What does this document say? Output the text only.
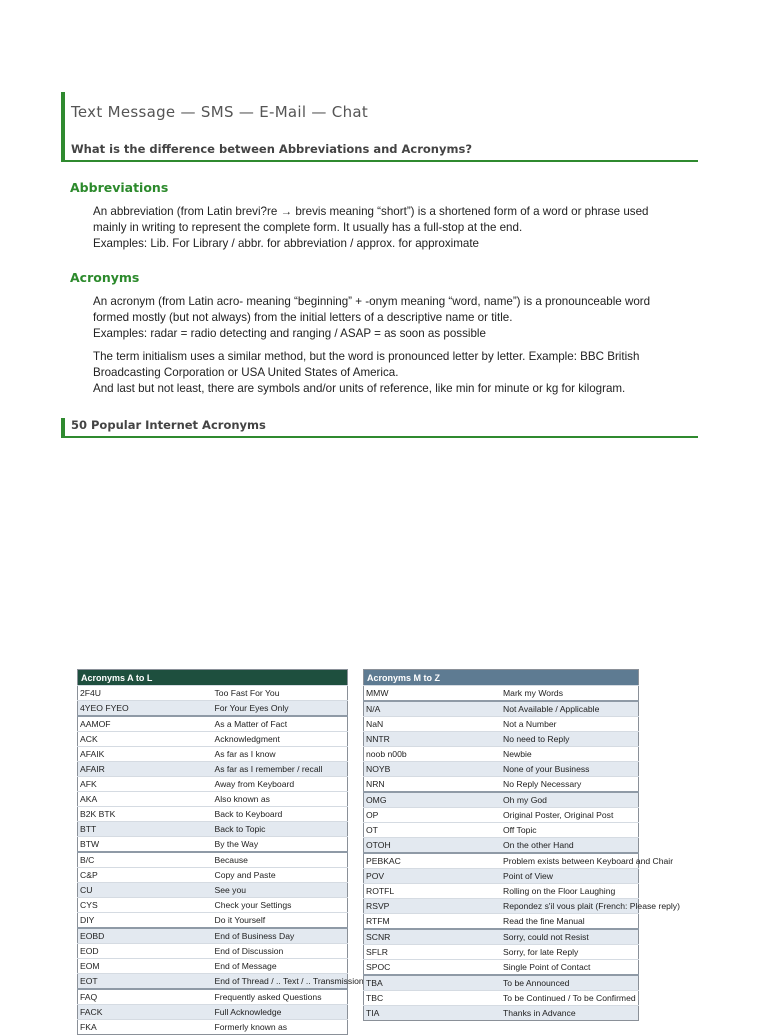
Text Message — SMS — E-Mail — Chat
What is the difference between Abbreviations and Acronyms?
Abbreviations
An abbreviation (from Latin brevi?re → brevis meaning “short”) is a shortened form of a word or phrase used
mainly in writing to represent the complete form. It usually has a full-stop at the end.
Examples: Lib. For Library / abbr. for abbreviation / approx. for approximate
Acronyms
An acronym (from Latin acro- meaning “beginning” + -onym meaning “word, name”) is a pronounceable word
formed mostly (but not always) from the initial letters of a descriptive name or title.
Examples: radar = radio detecting and ranging / ASAP = as soon as possible
The term initialism uses a similar method, but the word is pronounced letter by letter. Example: BBC British
Broadcasting Corporation or USA United States of America.
And last but not least, there are symbols and/or units of reference, like min for minute or kg for kilogram.
50 Popular Internet Acronyms
Acronyms A to L	
2F4U	Too Fast For You
4YEO FYEO	For Your Eyes Only
AAMOF	As a Matter of Fact
ACK	Acknowledgment
AFAIK	As far as I know
AFAIR	As far as I remember / recall
AFK	Away from Keyboard
AKA	Also known as
B2K BTK	Back to Keyboard
BTT	Back to Topic
BTW	By the Way
B/C	Because
C&P	Copy and Paste
CU	See you
CYS	Check your Settings
DIY	Do it Yourself
EOBD	End of Business Day
EOD	End of Discussion
EOM	End of Message
EOT	End of Thread / .. Text / .. Transmission
FAQ	Frequently asked Questions
FACK	Full Acknowledge
FKA	Formerly known as
Acronyms M to Z	
MMW	Mark my Words
N/A	Not Available / Applicable
NaN	Not a Number
NNTR	No need to Reply
noob n00b	Newbie
NOYB	None of your Business
NRN	No Reply Necessary
OMG	Oh my God
OP	Original Poster, Original Post
OT	Off Topic
OTOH	On the other Hand
PEBKAC	Problem exists between Keyboard and Chair
POV	Point of View
ROTFL	Rolling on the Floor Laughing
RSVP	Repondez s'il vous plait (French: Please reply)
RTFM	Read the fine Manual
SCNR	Sorry, could not Resist
SFLR	Sorry, for late Reply
SPOC	Single Point of Contact
TBA	To be Announced
TBC	To be Continued / To be Confirmed
TIA	Thanks in Advance
